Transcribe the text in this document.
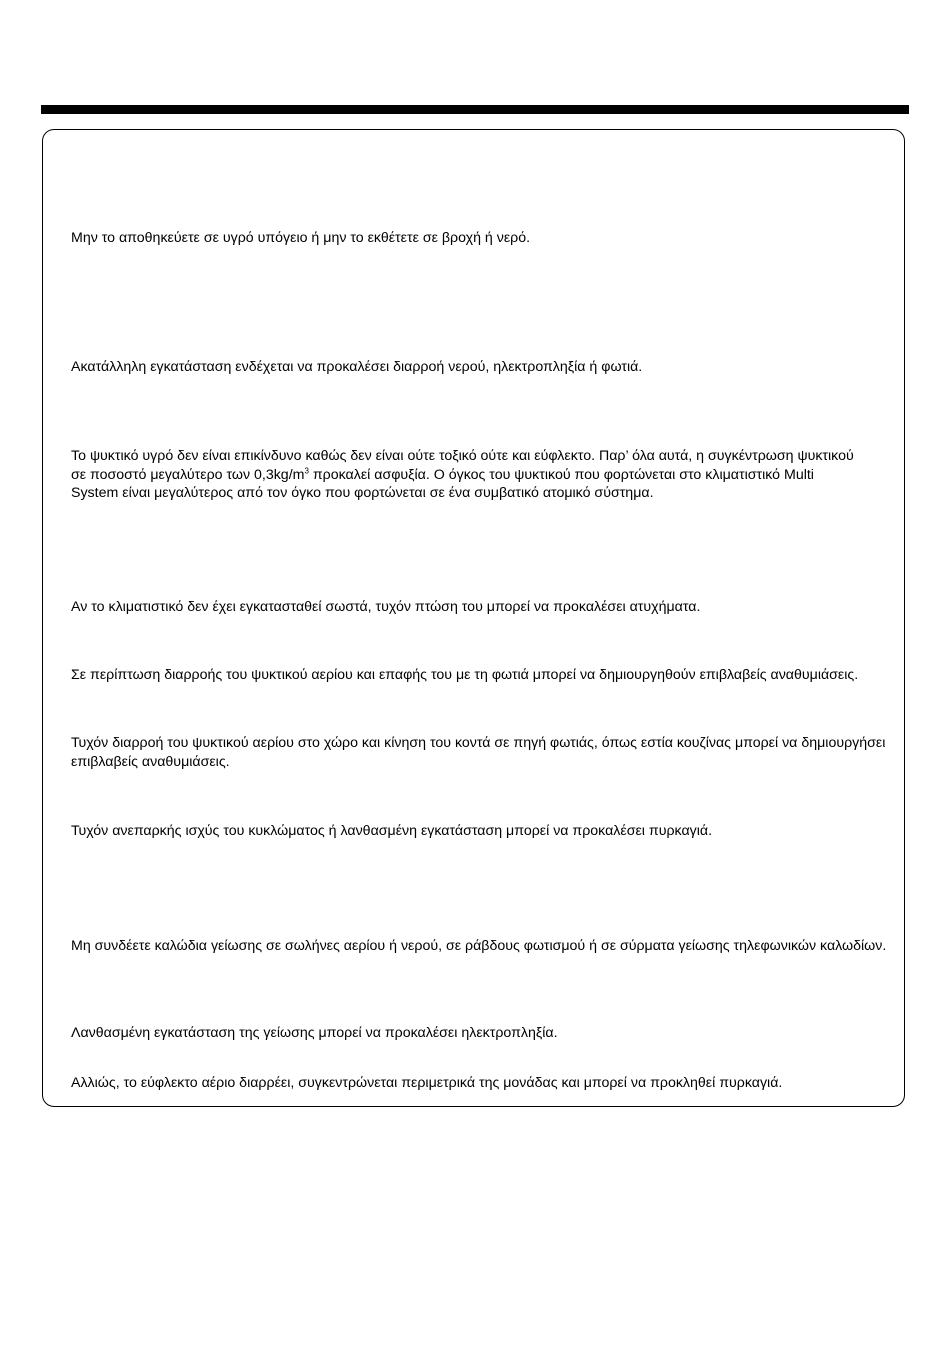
Μην το αποθηκεύετε σε υγρό υπόγειο ή μην το εκθέτετε σε βροχή ή νερό.

Ακατάλληλη εγκατάσταση ενδέχεται να προκαλέσει διαρροή νερού, ηλεκτροπληξία ή φωτιά.

Το ψυκτικό υγρό δεν είναι επικίνδυνο καθώς δεν είναι ούτε τοξικό ούτε και εύφλεκτο. Παρ’ όλα αυτά, η συγκέντρωση ψυκτικού σε ποσοστό μεγαλύτερο των $0,3kg/m^3$ προκαλεί ασφυξία. Ο όγκος του ψυκτικού που φορτώνεται στο κλιματιστικό Multi System είναι μεγαλύτερος από τον όγκο που φορτώνεται σε ένα συμβατικό ατομικό σύστημα.

Αν το κλιματιστικό δεν έχει εγκατασταθεί σωστά, τυχόν πτώση του μπορεί να προκαλέσει ατυχήματα.

Σε περίπτωση διαρροής του ψυκτικού αερίου και επαφής του με τη φωτιά μπορεί να δημιουργηθούν επιβλαβείς αναθυμιάσεις.

Τυχόν διαρροή του ψυκτικού αερίου στο χώρο και κίνηση του κοντά σε πηγή φωτιάς, όπως εστία κουζίνας μπορεί να δημιουργήσει επιβλαβείς αναθυμιάσεις.

Τυχόν ανεπαρκής ισχύς του κυκλώματος ή λανθασμένη εγκατάσταση μπορεί να προκαλέσει πυρκαγιά.

Μη συνδέετε καλώδια γείωσης σε σωλήνες αερίου ή νερού, σε ράβδους φωτισμού ή σε σύρματα γείωσης τηλεφωνικών καλωδίων.

Λανθασμένη εγκατάσταση της γείωσης μπορεί να προκαλέσει ηλεκτροπληξία.

Αλλιώς, το εύφλεκτο αέριο διαρρέει, συγκεντρώνεται περιμετρικά της μονάδας και μπορεί να προκληθεί πυρκαγιά.
